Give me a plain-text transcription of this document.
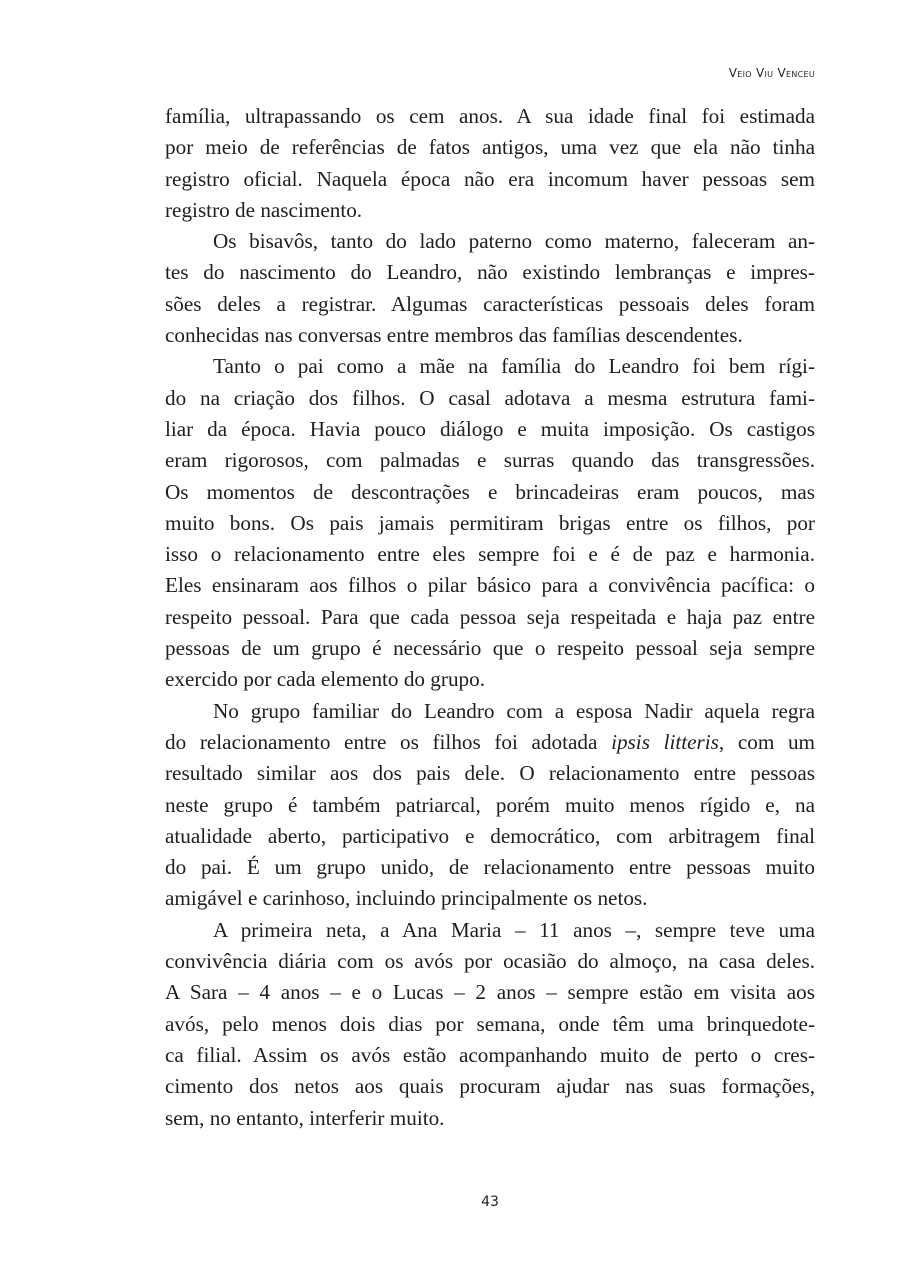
Veio Viu Venceu
família, ultrapassando os cem anos. A sua idade final foi estimada
por meio de referências de fatos antigos, uma vez que ela não tinha
registro oficial. Naquela época não era incomum haver pessoas sem
registro de nascimento.
Os bisavôs, tanto do lado paterno como materno, faleceram an-
tes do nascimento do Leandro, não existindo lembranças e impres-
sões deles a registrar. Algumas características pessoais deles foram
conhecidas nas conversas entre membros das famílias descendentes.
Tanto o pai como a mãe na família do Leandro foi bem rígi-
do na criação dos filhos. O casal adotava a mesma estrutura fami-
liar da época. Havia pouco diálogo e muita imposição. Os castigos
eram rigorosos, com palmadas e surras quando das transgressões.
Os momentos de descontrações e brincadeiras eram poucos, mas
muito bons. Os pais jamais permitiram brigas entre os filhos, por
isso o relacionamento entre eles sempre foi e é de paz e harmonia.
Eles ensinaram aos filhos o pilar básico para a convivência pacífica: o
respeito pessoal. Para que cada pessoa seja respeitada e haja paz entre
pessoas de um grupo é necessário que o respeito pessoal seja sempre
exercido por cada elemento do grupo.
No grupo familiar do Leandro com a esposa Nadir aquela regra
do relacionamento entre os filhos foi adotada ipsis litteris, com um
resultado similar aos dos pais dele. O relacionamento entre pessoas
neste grupo é também patriarcal, porém muito menos rígido e, na
atualidade aberto, participativo e democrático, com arbitragem final
do pai. É um grupo unido, de relacionamento entre pessoas muito
amigável e carinhoso, incluindo principalmente os netos.
A primeira neta, a Ana Maria – 11 anos –, sempre teve uma
convivência diária com os avós por ocasião do almoço, na casa deles.
A Sara – 4 anos – e o Lucas – 2 anos – sempre estão em visita aos
avós, pelo menos dois dias por semana, onde têm uma brinquedote-
ca filial. Assim os avós estão acompanhando muito de perto o cres-
cimento dos netos aos quais procuram ajudar nas suas formações,
sem, no entanto, interferir muito.
43
